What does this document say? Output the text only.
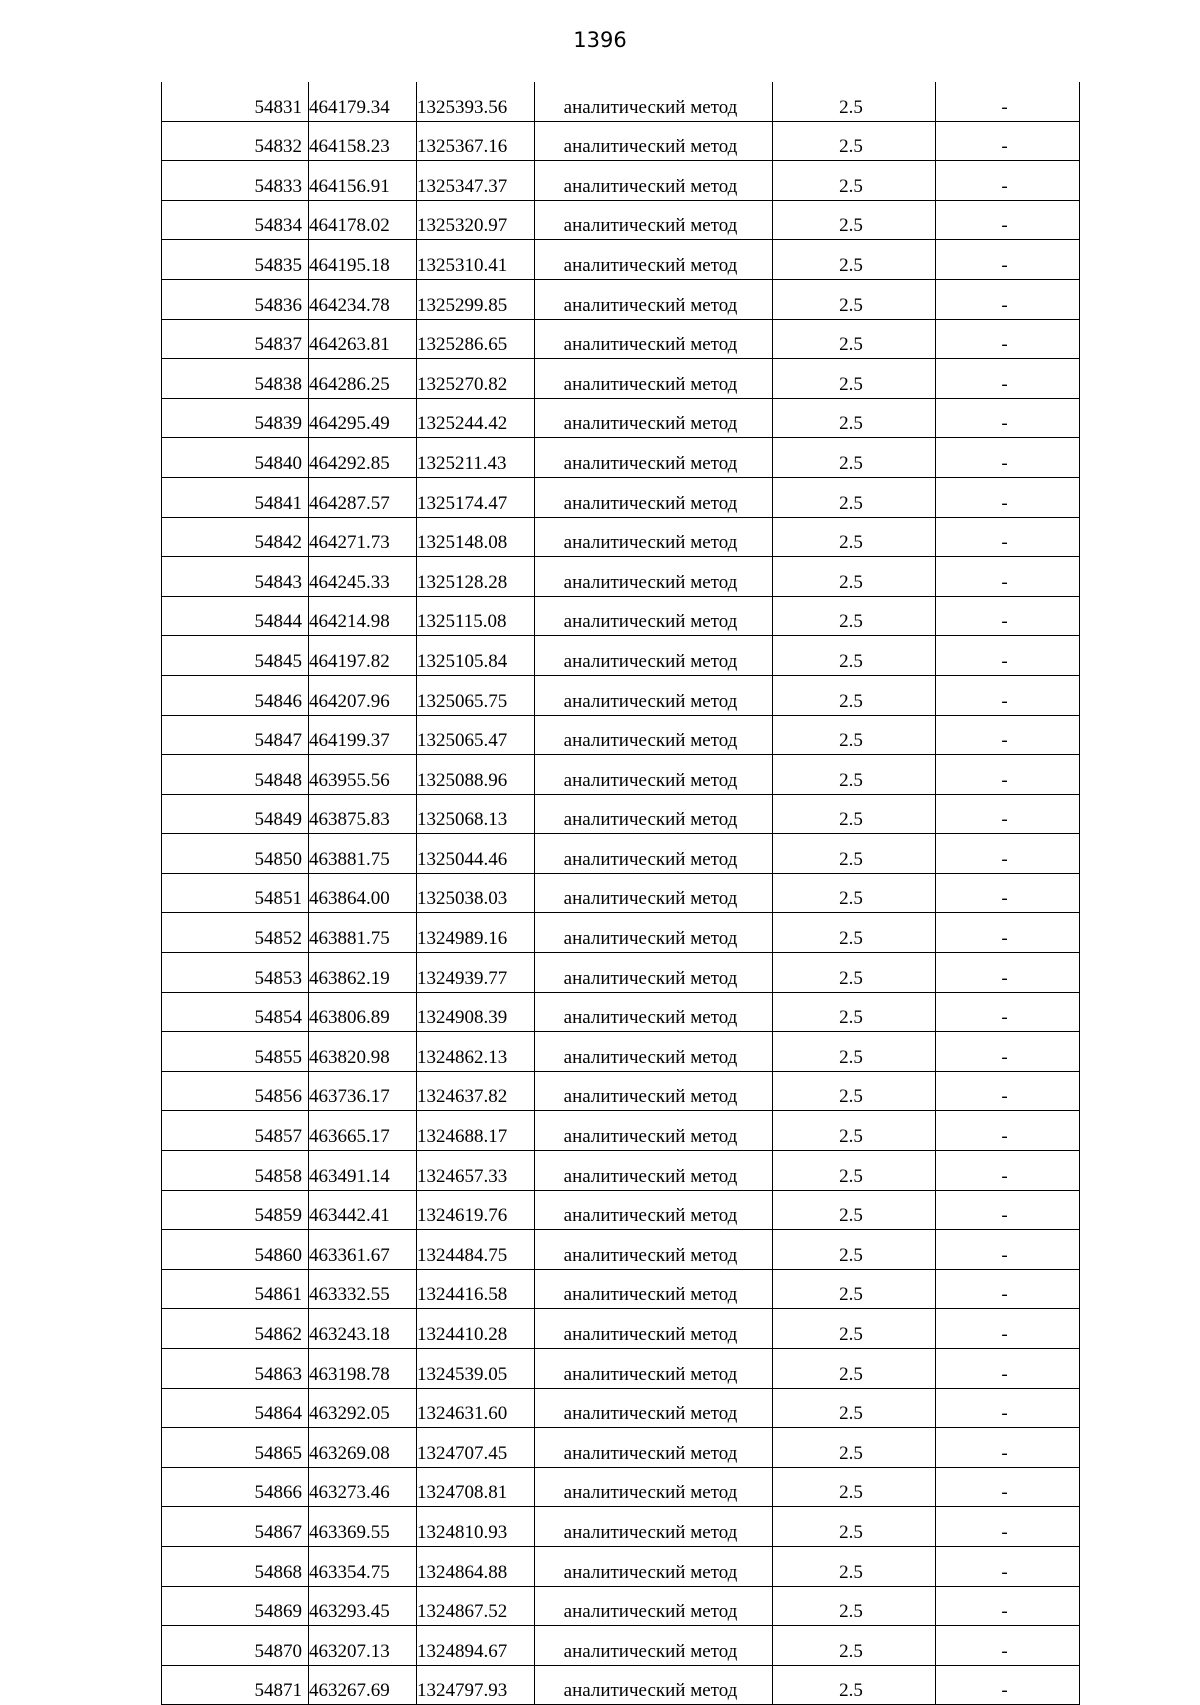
1396
54831	464179.34	1325393.56	аналитический метод	2.5	-
54832	464158.23	1325367.16	аналитический метод	2.5	-
54833	464156.91	1325347.37	аналитический метод	2.5	-
54834	464178.02	1325320.97	аналитический метод	2.5	-
54835	464195.18	1325310.41	аналитический метод	2.5	-
54836	464234.78	1325299.85	аналитический метод	2.5	-
54837	464263.81	1325286.65	аналитический метод	2.5	-
54838	464286.25	1325270.82	аналитический метод	2.5	-
54839	464295.49	1325244.42	аналитический метод	2.5	-
54840	464292.85	1325211.43	аналитический метод	2.5	-
54841	464287.57	1325174.47	аналитический метод	2.5	-
54842	464271.73	1325148.08	аналитический метод	2.5	-
54843	464245.33	1325128.28	аналитический метод	2.5	-
54844	464214.98	1325115.08	аналитический метод	2.5	-
54845	464197.82	1325105.84	аналитический метод	2.5	-
54846	464207.96	1325065.75	аналитический метод	2.5	-
54847	464199.37	1325065.47	аналитический метод	2.5	-
54848	463955.56	1325088.96	аналитический метод	2.5	-
54849	463875.83	1325068.13	аналитический метод	2.5	-
54850	463881.75	1325044.46	аналитический метод	2.5	-
54851	463864.00	1325038.03	аналитический метод	2.5	-
54852	463881.75	1324989.16	аналитический метод	2.5	-
54853	463862.19	1324939.77	аналитический метод	2.5	-
54854	463806.89	1324908.39	аналитический метод	2.5	-
54855	463820.98	1324862.13	аналитический метод	2.5	-
54856	463736.17	1324637.82	аналитический метод	2.5	-
54857	463665.17	1324688.17	аналитический метод	2.5	-
54858	463491.14	1324657.33	аналитический метод	2.5	-
54859	463442.41	1324619.76	аналитический метод	2.5	-
54860	463361.67	1324484.75	аналитический метод	2.5	-
54861	463332.55	1324416.58	аналитический метод	2.5	-
54862	463243.18	1324410.28	аналитический метод	2.5	-
54863	463198.78	1324539.05	аналитический метод	2.5	-
54864	463292.05	1324631.60	аналитический метод	2.5	-
54865	463269.08	1324707.45	аналитический метод	2.5	-
54866	463273.46	1324708.81	аналитический метод	2.5	-
54867	463369.55	1324810.93	аналитический метод	2.5	-
54868	463354.75	1324864.88	аналитический метод	2.5	-
54869	463293.45	1324867.52	аналитический метод	2.5	-
54870	463207.13	1324894.67	аналитический метод	2.5	-
54871	463267.69	1324797.93	аналитический метод	2.5	-
